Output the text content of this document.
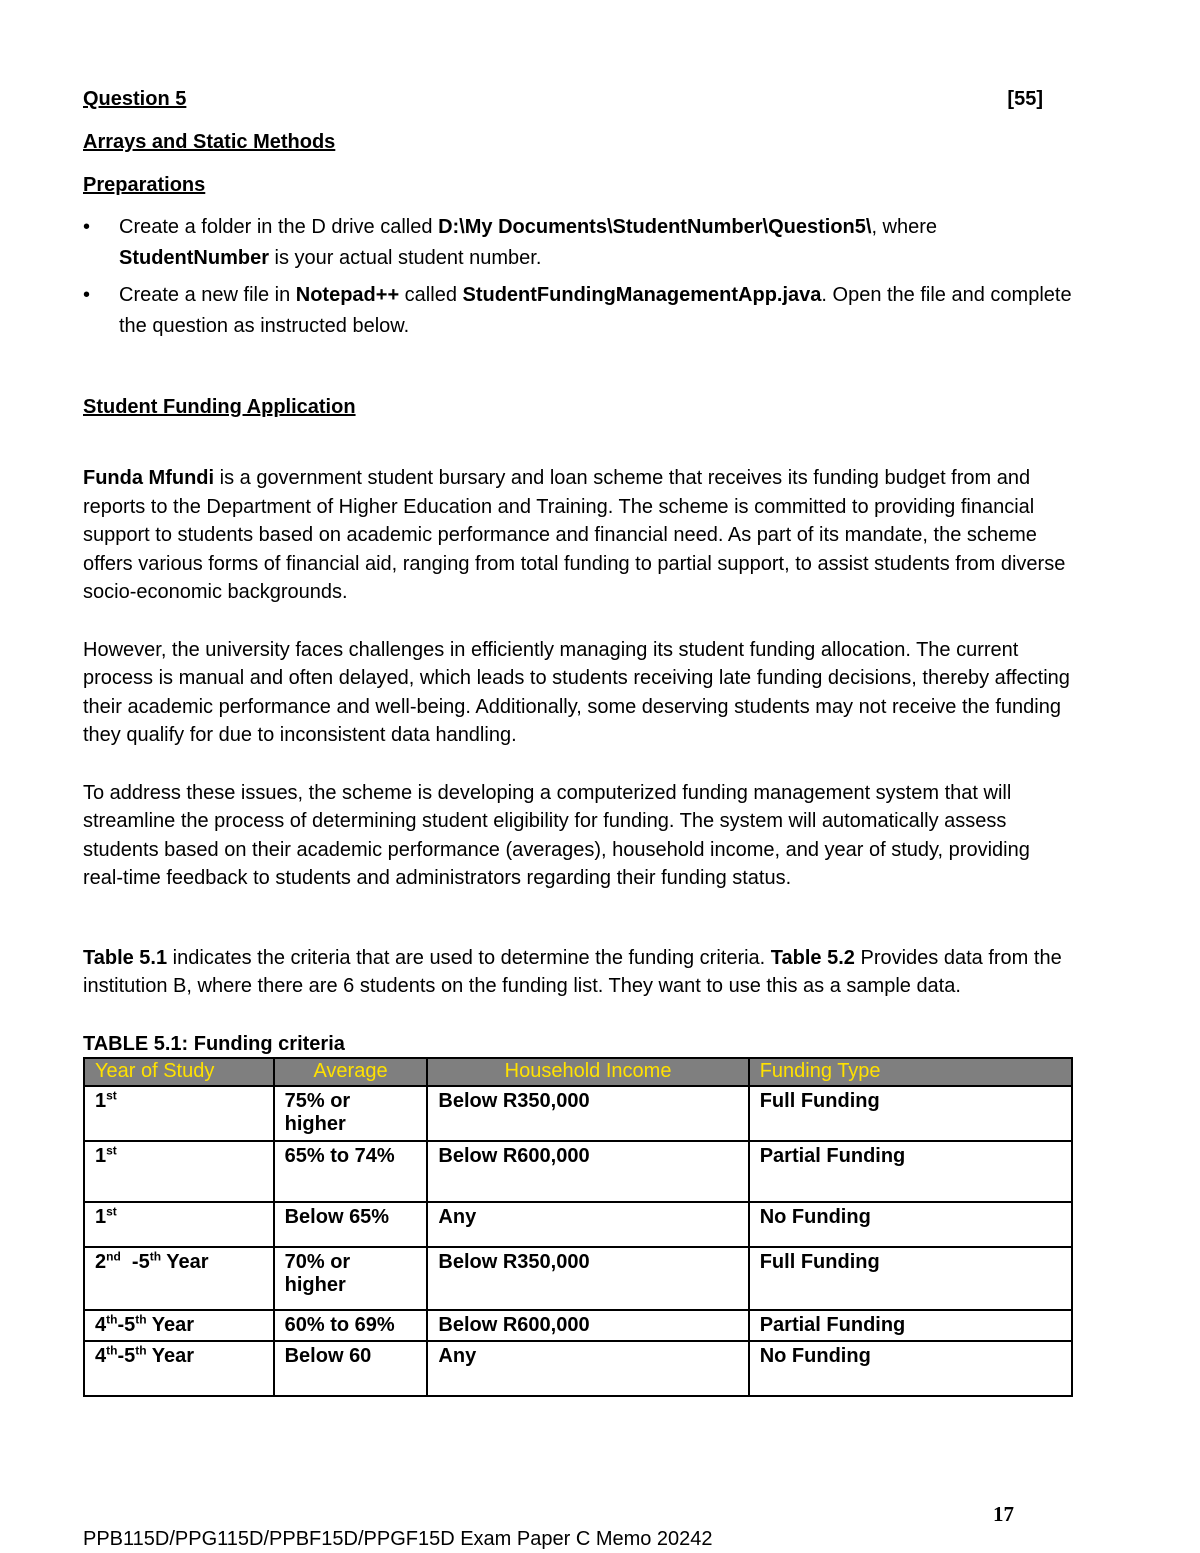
Question 5	[55]
Arrays and Static Methods
Preparations
• Create a folder in the D drive called D:\My Documents\StudentNumber\Question5\, where StudentNumber is your actual student number.
• Create a new file in Notepad++ called StudentFundingManagementApp.java. Open the file and complete the question as instructed below.
Student Funding Application

Funda Mfundi is a government student bursary and loan scheme that receives its funding budget from and reports to the Department of Higher Education and Training. The scheme is committed to providing financial support to students based on academic performance and financial need. As part of its mandate, the scheme offers various forms of financial aid, ranging from total funding to partial support, to assist students from diverse socio-economic backgrounds.

However, the university faces challenges in efficiently managing its student funding allocation. The current process is manual and often delayed, which leads to students receiving late funding decisions, thereby affecting their academic performance and well-being. Additionally, some deserving students may not receive the funding they qualify for due to inconsistent data handling.

To address these issues, the scheme is developing a computerized funding management system that will streamline the process of determining student eligibility for funding. The system will automatically assess students based on their academic performance (averages), household income, and year of study, providing real-time feedback to students and administrators regarding their funding status.

Table 5.1 indicates the criteria that are used to determine the funding criteria. Table 5.2 Provides data from the institution B, where there are 6 students on the funding list. They want to use this as a sample data.

TABLE 5.1: Funding criteria
Year of Study	Average	Household Income	Funding Type
1st	75% or higher	Below R350,000	Full Funding
1st	65% to 74%	Below R600,000	Partial Funding
1st	Below 65%	Any	No Funding
2nd  -5th Year	70% or higher	Below R350,000	Full Funding
4th-5th Year	60% to 69%	Below R600,000	Partial Funding
4th-5th Year	Below 60	Any	No Funding
17
PPB115D/PPG115D/PPBF15D/PPGF15D Exam Paper C Memo 20242
